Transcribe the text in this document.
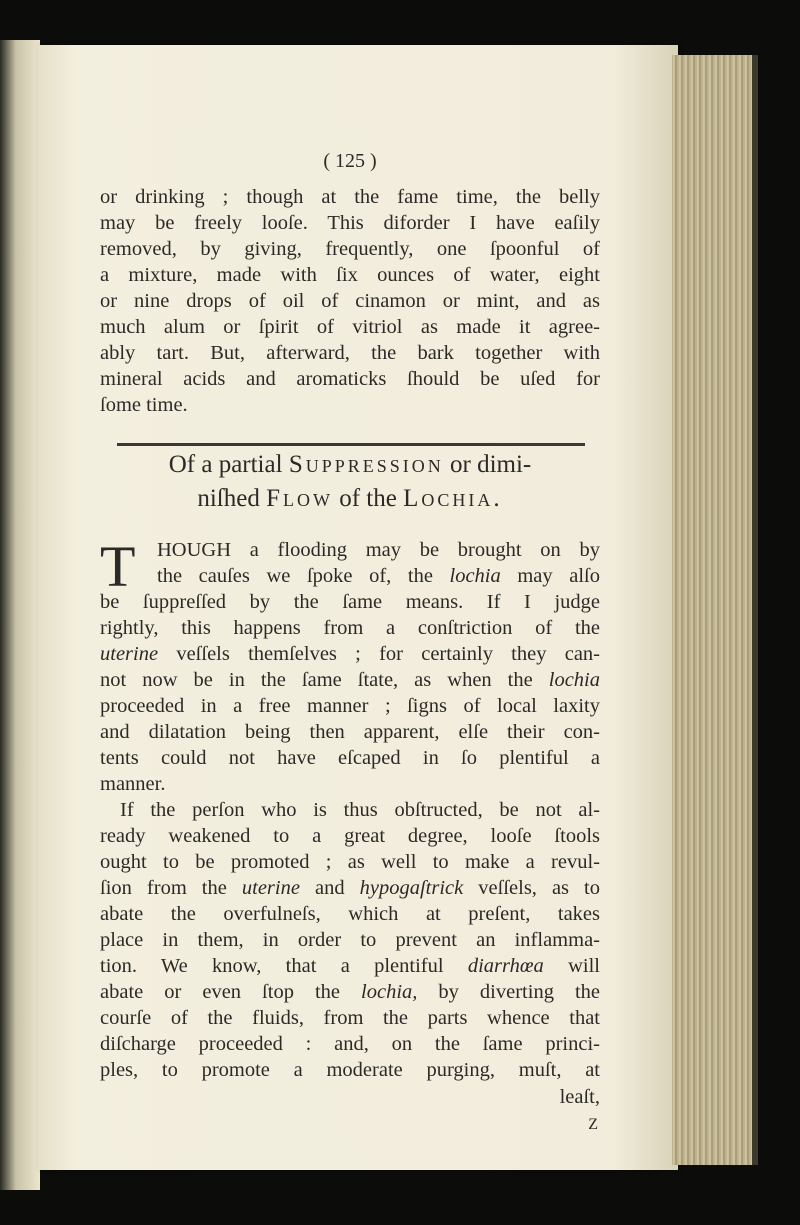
( 125 )
or drinking ; though at the fame time, the belly
may be freely looſe. This diforder I have eaſily
removed, by giving, frequently, one ſpoonful of
a mixture, made with ſix ounces of water, eight
or nine drops of oil of cinamon or mint, and as
much alum or ſpirit of vitriol as made it agree-
ably tart. But, afterward, the bark together with
mineral acids and aromaticks ſhould be uſed for
ſome time.
Of a partial Suppression or dimi-
niſhed Flow of the Lochia.
T HOUGH a flooding may be brought on by
the cauſes we ſpoke of, the lochia may alſo
be ſuppreſſed by the ſame means. If I judge
rightly, this happens from a conſtriction of the
uterine veſſels themſelves ; for certainly they can-
not now be in the ſame ſtate, as when the lochia
proceeded in a free manner ; ſigns of local laxity
and dilatation being then apparent, elſe their con-
tents could not have eſcaped in ſo plentiful a
manner.
If the perſon who is thus obſtructed, be not al-
ready weakened to a great degree, looſe ſtools
ought to be promoted ; as well to make a revul-
ſion from the uterine and hypogaſtrick veſſels, as to
abate the overfulneſs, which at preſent, takes
place in them, in order to prevent an inflamma-
tion. We know, that a plentiful diarrhœa will
abate or even ſtop the lochia, by diverting the
courſe of the fluids, from the parts whence that
diſcharge proceeded : and, on the ſame princi-
ples, to promote a moderate purging, muſt, at
leaſt,
Z
